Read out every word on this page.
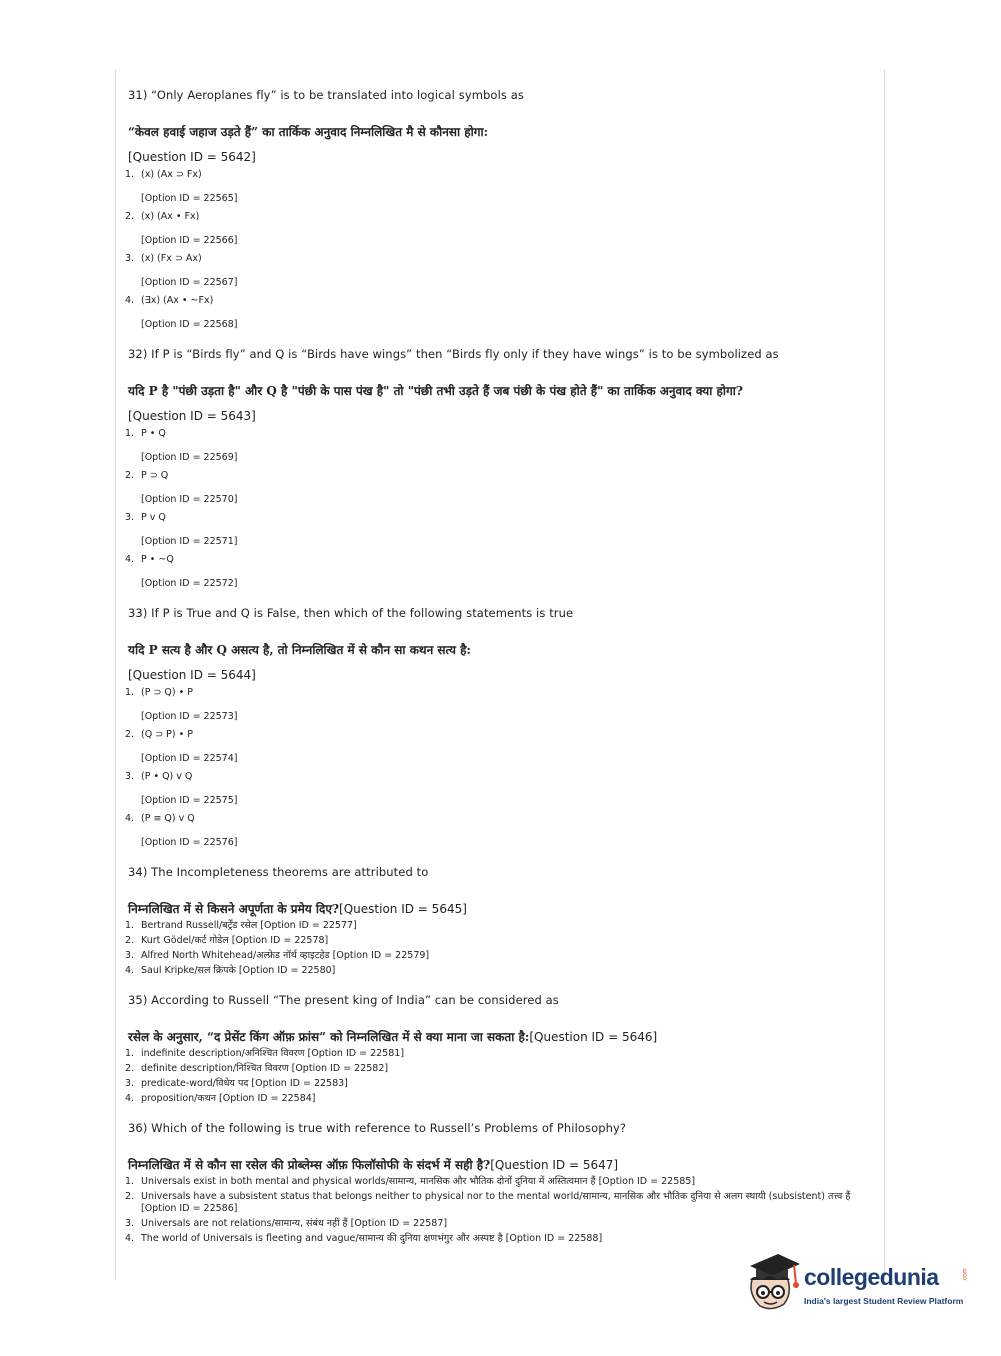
31) “Only Aeroplanes fly” is to be translated into logical symbols as
“केवल हवाई जहाज उड़ते हैं” का तार्किक अनुवाद निम्नलिखित मै से कौनसा होगा:
[Question ID = 5642]
1. (x) (Ax ⊃ Fx)
[Option ID = 22565]
2. (x) (Ax • Fx)
[Option ID = 22566]
3. (x) (Fx ⊃ Ax)
[Option ID = 22567]
4. (∃x) (Ax • ~Fx)
[Option ID = 22568]
32) If P is “Birds fly” and Q is “Birds have wings” then “Birds fly only if they have wings” is to be symbolized as
यदि P है "पंछी उड़ता है" और Q है "पंछी के पास पंख है" तो "पंछी तभी उड़ते हैं जब पंछी के पंख होते हैं" का तार्किक अनुवाद क्या होगा?
[Question ID = 5643]
1. P • Q
[Option ID = 22569]
2. P ⊃ Q
[Option ID = 22570]
3. P v Q
[Option ID = 22571]
4. P • ~Q
[Option ID = 22572]
33) If P is True and Q is False, then which of the following statements is true
यदि P सत्य है और Q असत्य है, तो निम्नलिखित में से कौन सा कथन सत्य है:
[Question ID = 5644]
1. (P ⊃ Q) • P
[Option ID = 22573]
2. (Q ⊃ P) • P
[Option ID = 22574]
3. (P • Q) v Q
[Option ID = 22575]
4. (P ≡ Q) v Q
[Option ID = 22576]
34) The Incompleteness theorems are attributed to
निम्नलिखित में से किसने अपूर्णता के प्रमेय दिए?[Question ID = 5645]
1. Bertrand Russell/बर्ट्रेंड रसेल [Option ID = 22577]
2. Kurt Gödel/कर्ट गोडेल [Option ID = 22578]
3. Alfred North Whitehead/अल्फ्रेड नॉर्थ व्हाइटहेड [Option ID = 22579]
4. Saul Kripke/सल क्रिपके [Option ID = 22580]
35) According to Russell “The present king of India” can be considered as
रसेल के अनुसार, “द प्रेसेंट किंग ऑफ़ फ्रांस” को निम्नलिखित में से क्या माना जा सकता है:[Question ID = 5646]
1. indefinite description/अनिश्चित विवरण [Option ID = 22581]
2. definite description/निश्चित विवरण [Option ID = 22582]
3. predicate-word/विधेय पद [Option ID = 22583]
4. proposition/कथन [Option ID = 22584]
36) Which of the following is true with reference to Russell’s Problems of Philosophy?
निम्नलिखित में से कौन सा रसेल की प्रोब्लेम्स ऑफ़ फिलॉसोफी के संदर्भ में सही है?[Question ID = 5647]
1. Universals exist in both mental and physical worlds/सामान्य, मानसिक और भौतिक दोनों दुनिया में अस्तित्वमान हैं [Option ID = 22585]
2. Universals have a subsistent status that belongs neither to physical nor to the mental world/सामान्य, मानसिक और भौतिक दुनिया से अलग स्थायी (subsistent) तत्त्व हैं [Option ID = 22586]
3. Universals are not relations/सामान्य, संबंध नहीं हैं [Option ID = 22587]
4. The world of Universals is fleeting and vague/सामान्य की दुनिया क्षणभंगुर और अस्पष्ट है [Option ID = 22588]
collegedunia	.com
India's largest Student Review Platform
